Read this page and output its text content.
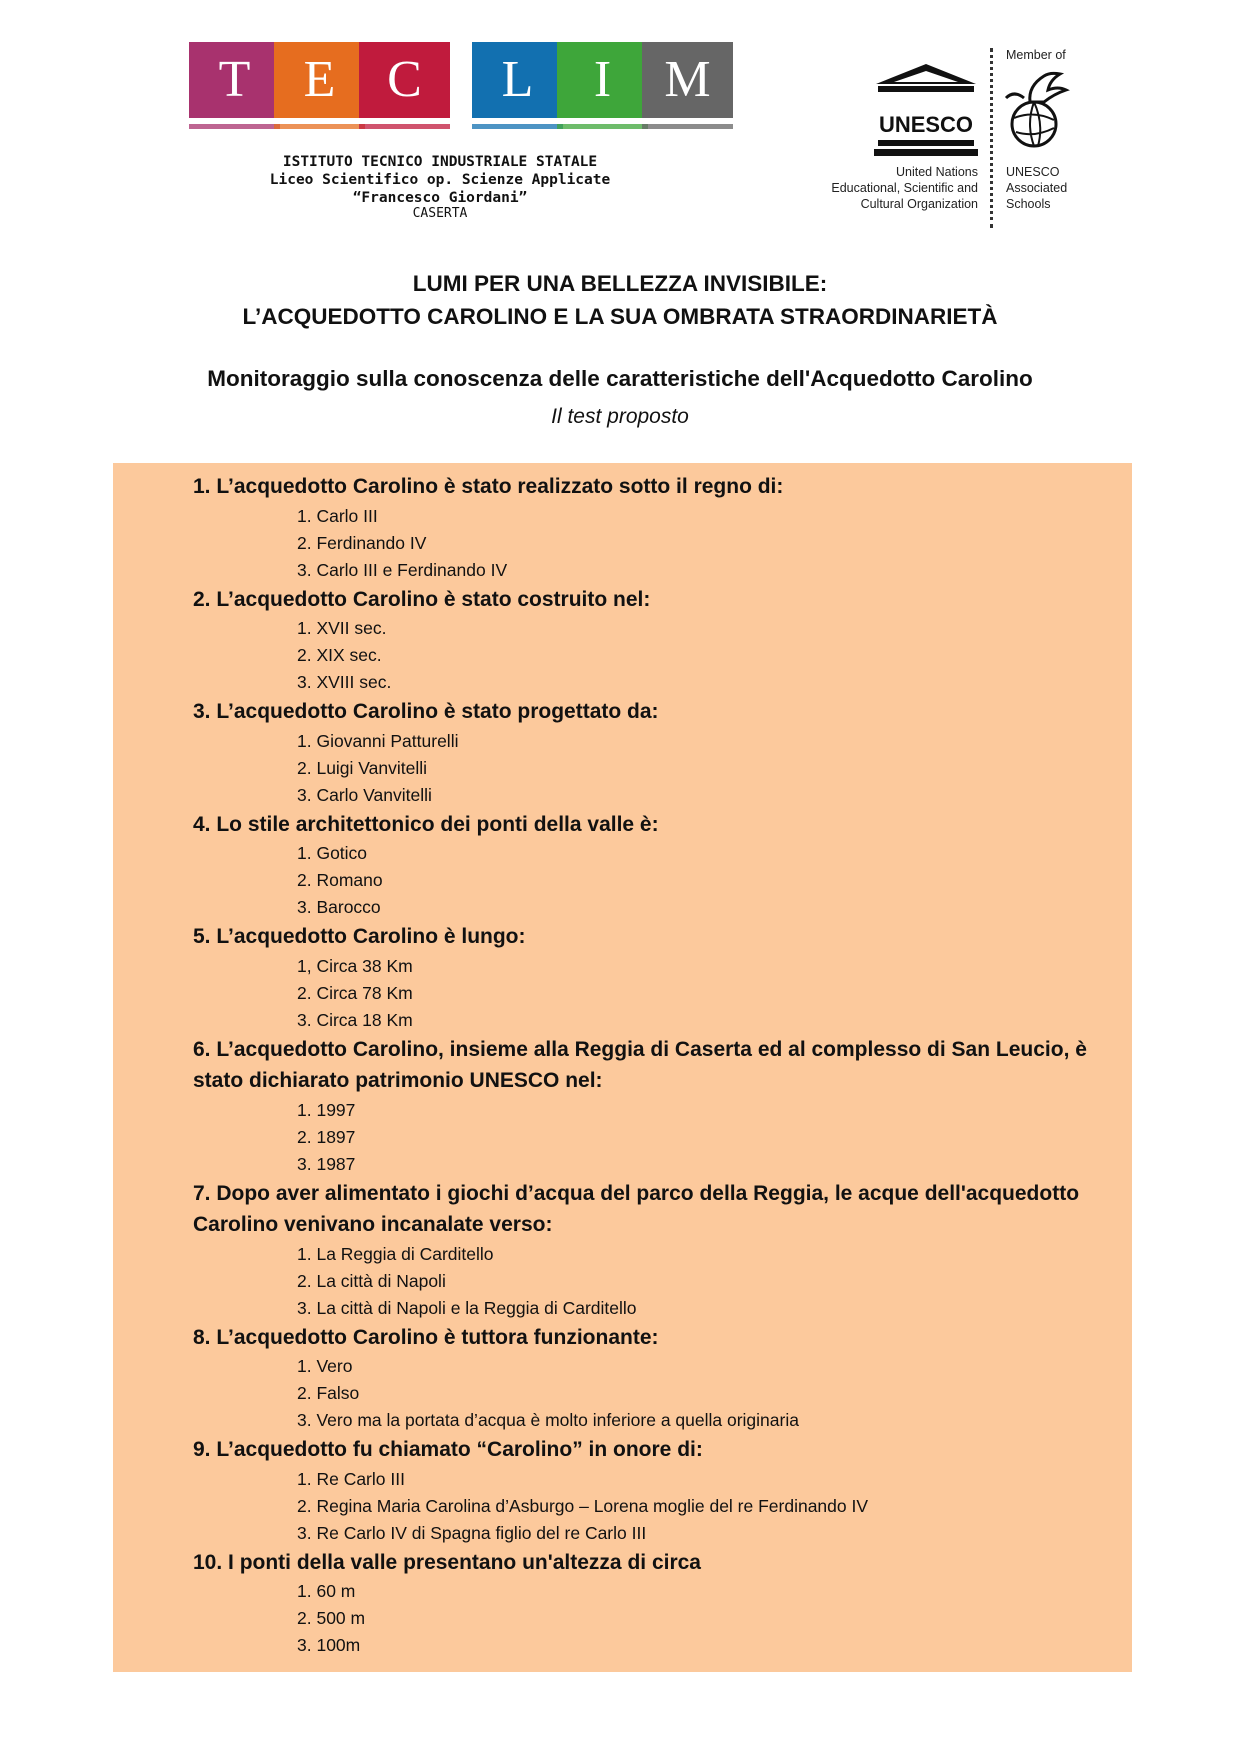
T	E C	L	I	M
ISTITUTO TECNICO INDUSTRIALE STATALE
Liceo Scientifico op. Scienze Applicate
“Francesco Giordani”
CASERTA
UNESCO
United Nations
Educational, Scientific and
Cultural Organization
Member of
UNESCO
Associated
Schools
LUMI PER UNA BELLEZZA INVISIBILE:
L’ACQUEDOTTO CAROLINO E LA SUA OMBRATA STRAORDINARIETÀ
Monitoraggio sulla conoscenza delle caratteristiche dell'Acquedotto Carolino
Il test proposto
1. L’acquedotto Carolino è stato realizzato sotto il regno di:
1. Carlo III
2. Ferdinando IV
3. Carlo III e Ferdinando IV
2. L’acquedotto Carolino è stato costruito nel:
1. XVII sec.
2. XIX sec.
3. XVIII sec.
3. L’acquedotto Carolino è stato progettato da:
1. Giovanni Patturelli
2. Luigi Vanvitelli
3. Carlo Vanvitelli
4. Lo stile architettonico dei ponti della valle è:
1. Gotico
2. Romano
3. Barocco
5. L’acquedotto Carolino è lungo:
1, Circa 38 Km
2. Circa 78 Km
3. Circa 18 Km
6. L’acquedotto Carolino, insieme alla Reggia di Caserta ed al complesso di San Leucio, è stato dichiarato patrimonio UNESCO nel:
1. 1997
2. 1897
3. 1987
7. Dopo aver alimentato i giochi d’acqua del parco della Reggia, le acque dell'acquedotto Carolino venivano incanalate verso:
1. La Reggia di Carditello
2. La città di Napoli
3. La città di Napoli e la Reggia di Carditello
8. L’acquedotto Carolino è tuttora funzionante:
1. Vero
2. Falso
3. Vero ma la portata d’acqua è molto inferiore a quella originaria
9. L’acquedotto fu chiamato “Carolino” in onore di:
1. Re Carlo III
2. Regina Maria Carolina d’Asburgo – Lorena moglie del re Ferdinando IV
3. Re Carlo IV di Spagna figlio del re Carlo III
10. I ponti della valle presentano un'altezza di circa
1. 60 m
2. 500 m
3. 100m
